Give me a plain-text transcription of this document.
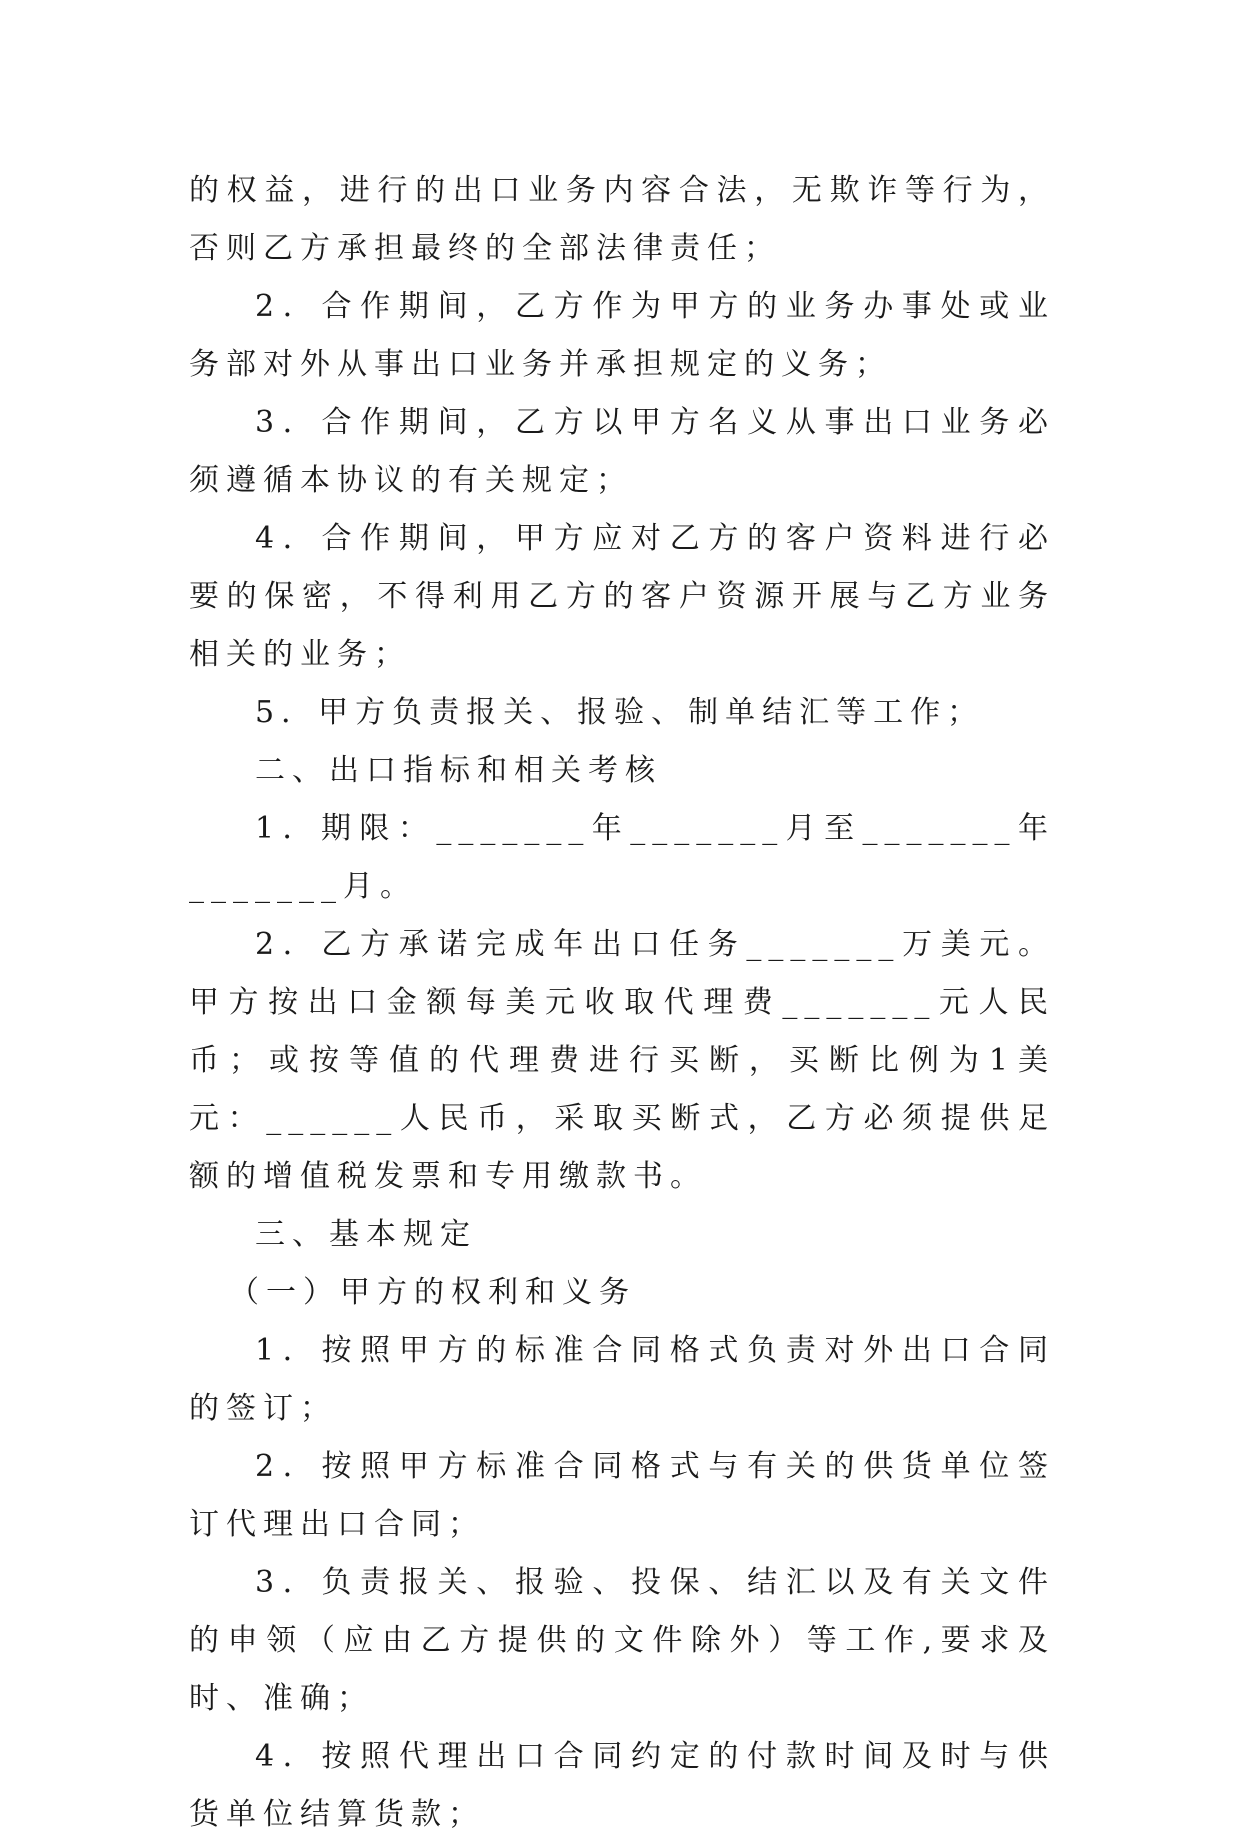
的权益，进行的出口业务内容合法，无欺诈等行为，否则乙方承担最终的全部法律责任；

2．合作期间，乙方作为甲方的业务办事处或业务部对外从事出口业务并承担规定的义务；

3．合作期间，乙方以甲方名义从事出口业务必须遵循本协议的有关规定；

4．合作期间，甲方应对乙方的客户资料进行必要的保密，不得利用乙方的客户资源开展与乙方业务相关的业务；

5．甲方负责报关、报验、制单结汇等工作；

二、出口指标和相关考核

1．期限：_______年_______月至_______年_______月。

2．乙方承诺完成年出口任务_______万美元。甲方按出口金额每美元收取代理费_______元人民币；或按等值的代理费进行买断，买断比例为1美元：______人民币，采取买断式，乙方必须提供足额的增值税发票和专用缴款书。

三、基本规定

（一）甲方的权利和义务

1．按照甲方的标准合同格式负责对外出口合同的签订；

2．按照甲方标准合同格式与有关的供货单位签订代理出口合同；

3．负责报关、报验、投保、结汇以及有关文件的申领（应由乙方提供的文件除外）等工作,要求及时、准确；

4．按照代理出口合同约定的付款时间及时与供货单位结算货款；
